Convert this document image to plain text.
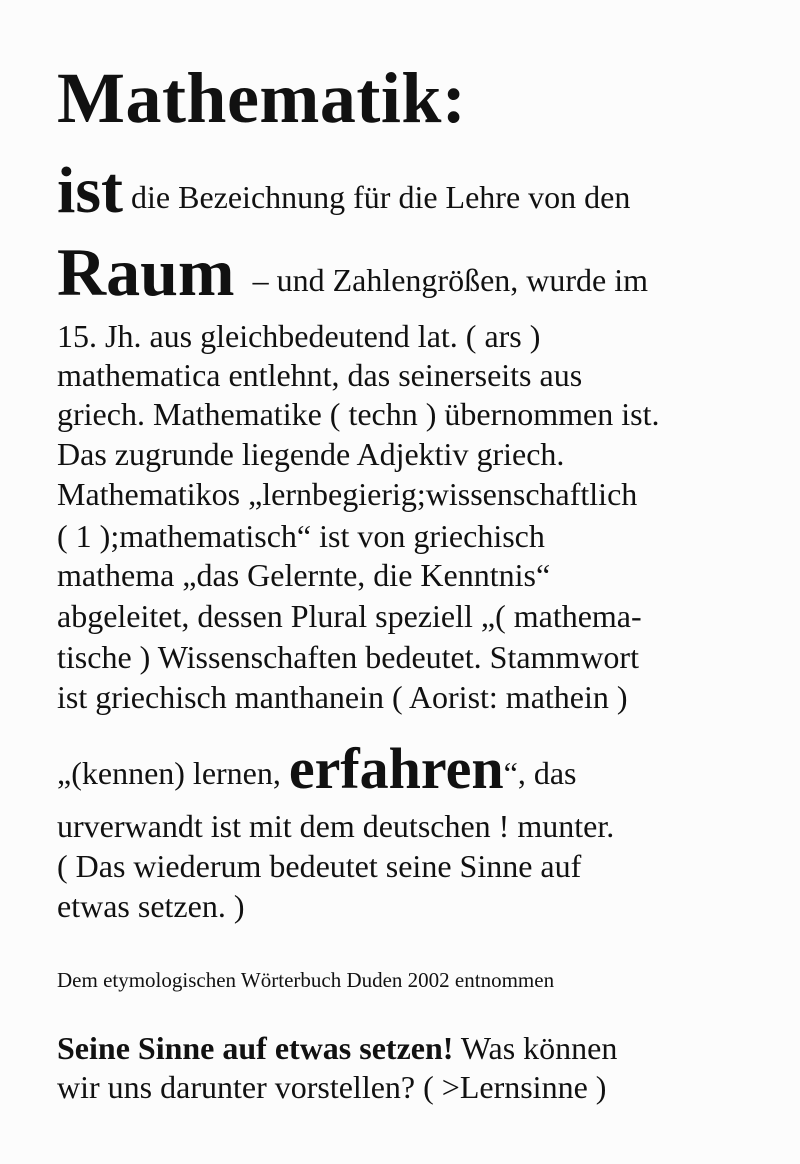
Mathematik:
ist die Bezeichnung für die Lehre von den
Raum – und Zahlengrößen, wurde im
15. Jh. aus gleichbedeutend lat. ( ars )
mathematica entlehnt, das seinerseits aus
griech. Mathematike ( techn ) übernommen ist.
Das zugrunde liegende Adjektiv griech.
Mathematikos „lernbegierig;wissenschaftlich
( 1 );mathematisch“ ist von griechisch
mathema „das Gelernte, die Kenntnis“
abgeleitet, dessen Plural speziell „( mathema-
tische ) Wissenschaften bedeutet. Stammwort
ist griechisch manthanein ( Aorist: mathein )
„(kennen) lernen, erfahren“, das
urverwandt ist mit dem deutschen ! munter.
( Das wiederum bedeutet seine Sinne auf
etwas setzen. )
Dem etymologischen Wörterbuch Duden 2002 entnommen
Seine Sinne auf etwas setzen! Was können
wir uns darunter vorstellen? ( >Lernsinne )
